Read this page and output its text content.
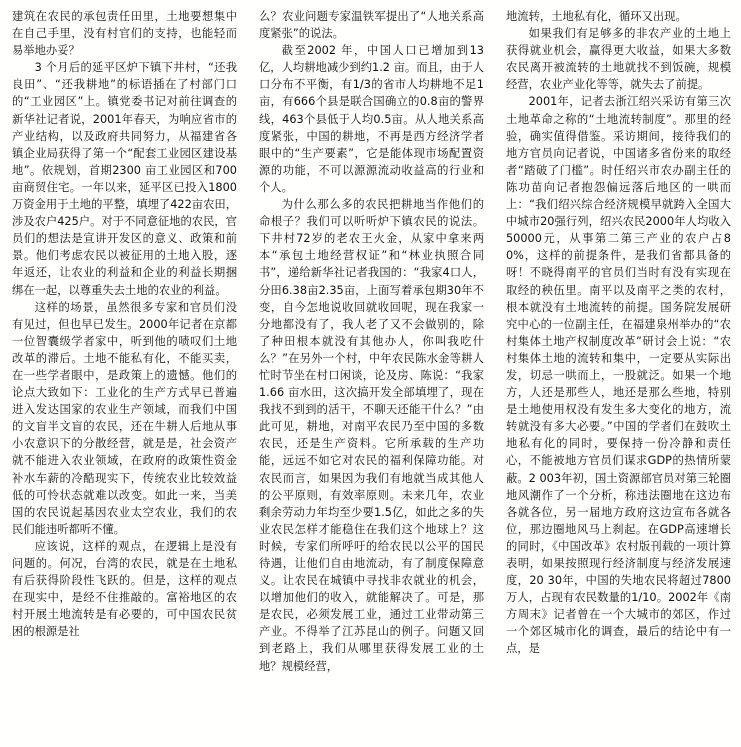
建筑在农民的承包责任田里，土地要想集中在自己手里，没有村官们的支持，也能轻而易举地办妥？

3 个月后的延平区炉下镇下井村，“还我良田”、“还我耕地”的标语插在了村部门口的“工业园区”上。镇党委书记对前往调查的新华社记者说，2001年春天，为响应省市的产业结构，以及政府共同努力，从福建省各镇企业局获得了第一个“配套工业园区建设基地”。依规划，首期2300 亩工业园区和700 亩商贸住宅。一年以来，延平区已投入1800万资金用于土地的平整，填埋了422亩农田，涉及农户425户。对于不同意征地的农民，官员们的想法是宣讲开发区的意义、政策和前景。他们考虑农民以被征用的土地入股，逐年返还，让农业的利益和企业的利益长期捆绑在一起，以尊重失去土地的农业的利益。

这样的场景，虽然很多专家和官员们没有见过，但也早已发生。2000年记者在京都一位智囊级学者家中，听到他的啧叹们土地改革的滞后。土地不能私有化，不能买卖，在一些学者眼中，是政策上的遗憾。他们的论点大致如下：工业化的生产方式早已普遍进入发达国家的农业生产领域，而我们中国的文盲半文盲的农民，还在牛耕人后地从事小农意识下的分散经营，就是是，社会资产就不能进入农业领域，在政府的政策性资金补水车薪的冷酷现实下，传统农业比较效益低的可怜状态就难以改变。如此一来，当美国的农民说起基因农业太空农业，我们的农民们能违听都听不懂。

应该说，这样的观点，在逻辑上是没有问题的。何况，台湾的农民，就是在土地私有后获得阶段性飞跃的。但是，这样的观点在现实中，是经不住推敲的。富裕地区的农村开展土地流转是有必要的，可中国农民贫困的根源是社

么？农业问题专家温铁军提出了“人地关系高度紧张”的说法。

截至2002 年，中国人口已增加到13亿，人均耕地减少到约1.2 亩。而且，由于人口分布不平衡，有1/3的省市人均耕地不足1亩，有666个县是联合国确立的0.8亩的警界线，463个县低于人均0.5亩。从人地关系高度紧张，中国的耕地，不再是西方经济学者眼中的“生产要素”，它是能体现市场配置资源的功能，不可以源源流动收益高的行业和个人。

为什么那么多的农民把耕地当作他们的命根子？我们可以听听炉下镇农民的说法。下井村72岁的老农王火金，从家中拿来两本“承包土地经营权证”和“林业执照合同书”，递给新华社记者我国的：“我家4口人，分田6.38亩2.35亩，上面写着承包期30年不变，自今怎地说收回就收回呢，现在我家一分地都没有了，我人老了又不会做别的，除了种田根本就没有其他办人，你叫我吃什么？”在另外一个村，中年农民陈水金等耕人忙时节坐在村口闲谈，论及房、陈说：“我家1.66 亩水田，这次搞开发全部填埋了，现在我找不到到的活干，不聊天还能干什么？”由此可见，耕地，对南平农民乃至中国的多数农民，还是生产资料。它所承载的生产功能，远远不如它对农民的福利保障功能。对农民而言，如果因为我们有地就当成其他人的公平原则，有效率原则。未来几年，农业剩余劳动力年均至少要1.5亿，如此之多的失业农民怎样才能稳住在我们这个地球上？这时候，专家们所呼吁的给农民以公平的国民待遇，让他们自由地流动，有了制度保障意义。让农民在城镇中寻找非农就业的机会，以增加他们的收入，就能解决了。可是，那是农民，必须发展工业，通过工业带动第三产业。不得举了江苏昆山的例子。问题又回到老路上，我们从哪里获得发展工业的土地？规模经营，

地流转，土地私有化，循环又出现。

如果我们有足够多的非农产业的土地上获得就业机会，赢得更大收益，如果大多数农民离开被流转的土地就找不到饭碗，规模经营，农业产业化等等，就失去了前提。

2001年，记者去浙江绍兴采访有第三次土地革命之称的“土地流转制度”。那里的经验，确实值得借鉴。采访期间，接待我们的地方官员向记者说，中国诸多省份来的取经者“踏破了门槛”。时任绍兴市农办副主任的陈功苗向记者抱怨偏远落后地区的一哄而上：“我们绍兴综合经济规模早就跨入全国大中城市20强行列，绍兴农民2000年人均收入50000元，从事第二第三产业的农户占80%，这样的前提条件，是我们省都具备的呀！不晓得南平的官员们当时有没有实现在取经的秧伍里。南平以及南平之类的农村，根本就没有土地流转的前提。国务院发展研究中心的一位副主任，在福建泉州举办的“农村集体土地产权制度改革”研讨会上说：“农村集体土地的流转和集中，一定要从实际出发，切忌一哄而上，一股就泛。如果一个地方，人还是那些人，地还是那么些地，特别是土地使用权没有发生多大变化的地方，流转就没有多大必要。”中国的学者们在鼓吹土地私有化的同时，要保持一份冷静和责任心，不能被地方官员们谋求GDP的热情所蒙蔽。2 003年初，国土资源部官员对第三轮圈地风潮作了一个分析，称违法圈地在这边布各就各位，另一届地方政府这边宣布各就各位，那边圈地风马上刹起。在GDP高速增长的同时，《中国改革》农村版刊载的一项计算表明，如果按照现行经济制度与经济发展速度，20 30年，中国的失地农民将超过7800万人，占现有农民数量的1/10。2002年《南方周末》记者曾在一个大城市的郊区，作过一个郊区城市化的调查，最后的结论中有一点，是
